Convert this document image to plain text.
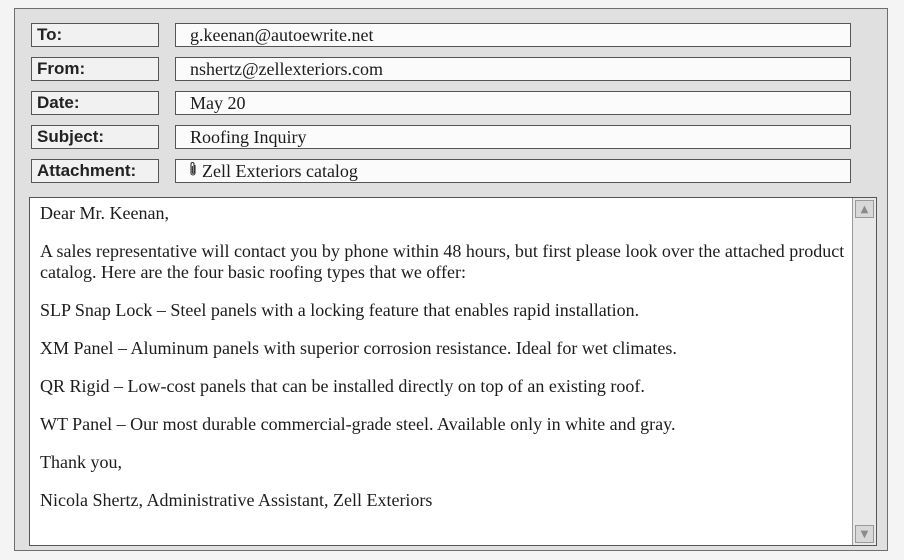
To:	g.keenan@autoewrite.net
From:	nshertz@zellexteriors.com
Date:	May 20
Subject:	Roofing Inquiry
Attachment:	Zell Exteriors catalog

Dear Mr. Keenan,

A sales representative will contact you by phone within 48 hours, but first please look over the attached product catalog. Here are the four basic roofing types that we offer:

SLP Snap Lock – Steel panels with a locking feature that enables rapid installation.

XM Panel – Aluminum panels with superior corrosion resistance. Ideal for wet climates.

QR Rigid – Low-cost panels that can be installed directly on top of an existing roof.

WT Panel – Our most durable commercial-grade steel. Available only in white and gray.

Thank you,

Nicola Shertz, Administrative Assistant, Zell Exteriors

▲
▼
